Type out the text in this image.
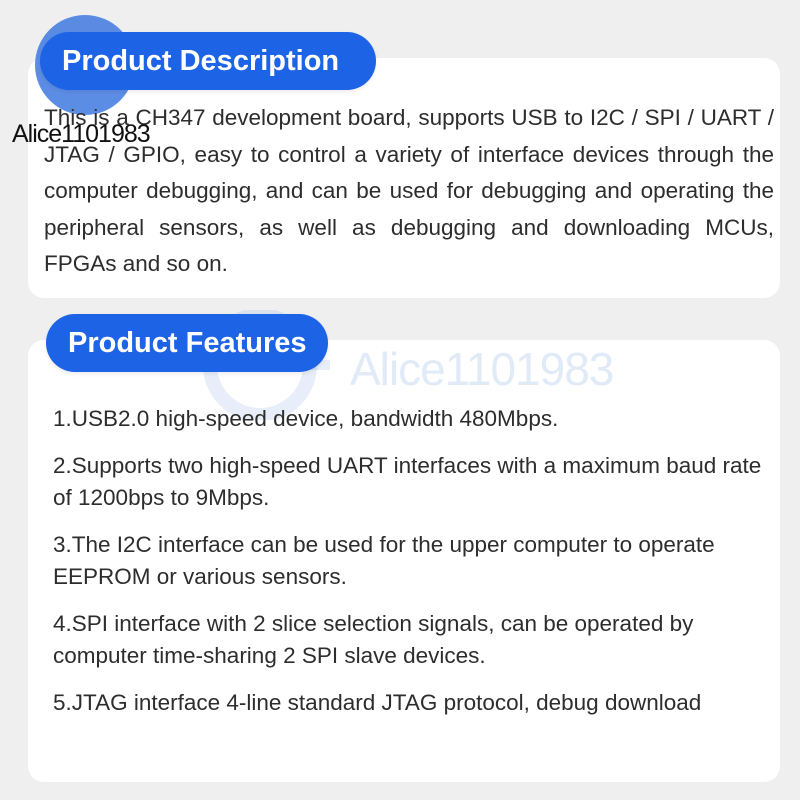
Product Description
This is a CH347 development board, supports USB to I2C / SPI / UART / JTAG / GPIO, easy to control a variety of interface devices through the computer debugging, and can be used for debugging and operating the peripheral sensors, as well as debugging and downloading MCUs, FPGAs and so on.
Alice1101983
Alice1101983
Product Features
1.USB2.0 high-speed device, bandwidth 480Mbps.
2.Supports two high-speed UART interfaces with a maximum baud rate of 1200bps to 9Mbps.
3.The I2C interface can be used for the upper computer to operate EEPROM or various sensors.
4.SPI interface with 2 slice selection signals, can be operated by computer time-sharing 2 SPI slave devices.
5.JTAG interface 4-line standard JTAG protocol, debug download
